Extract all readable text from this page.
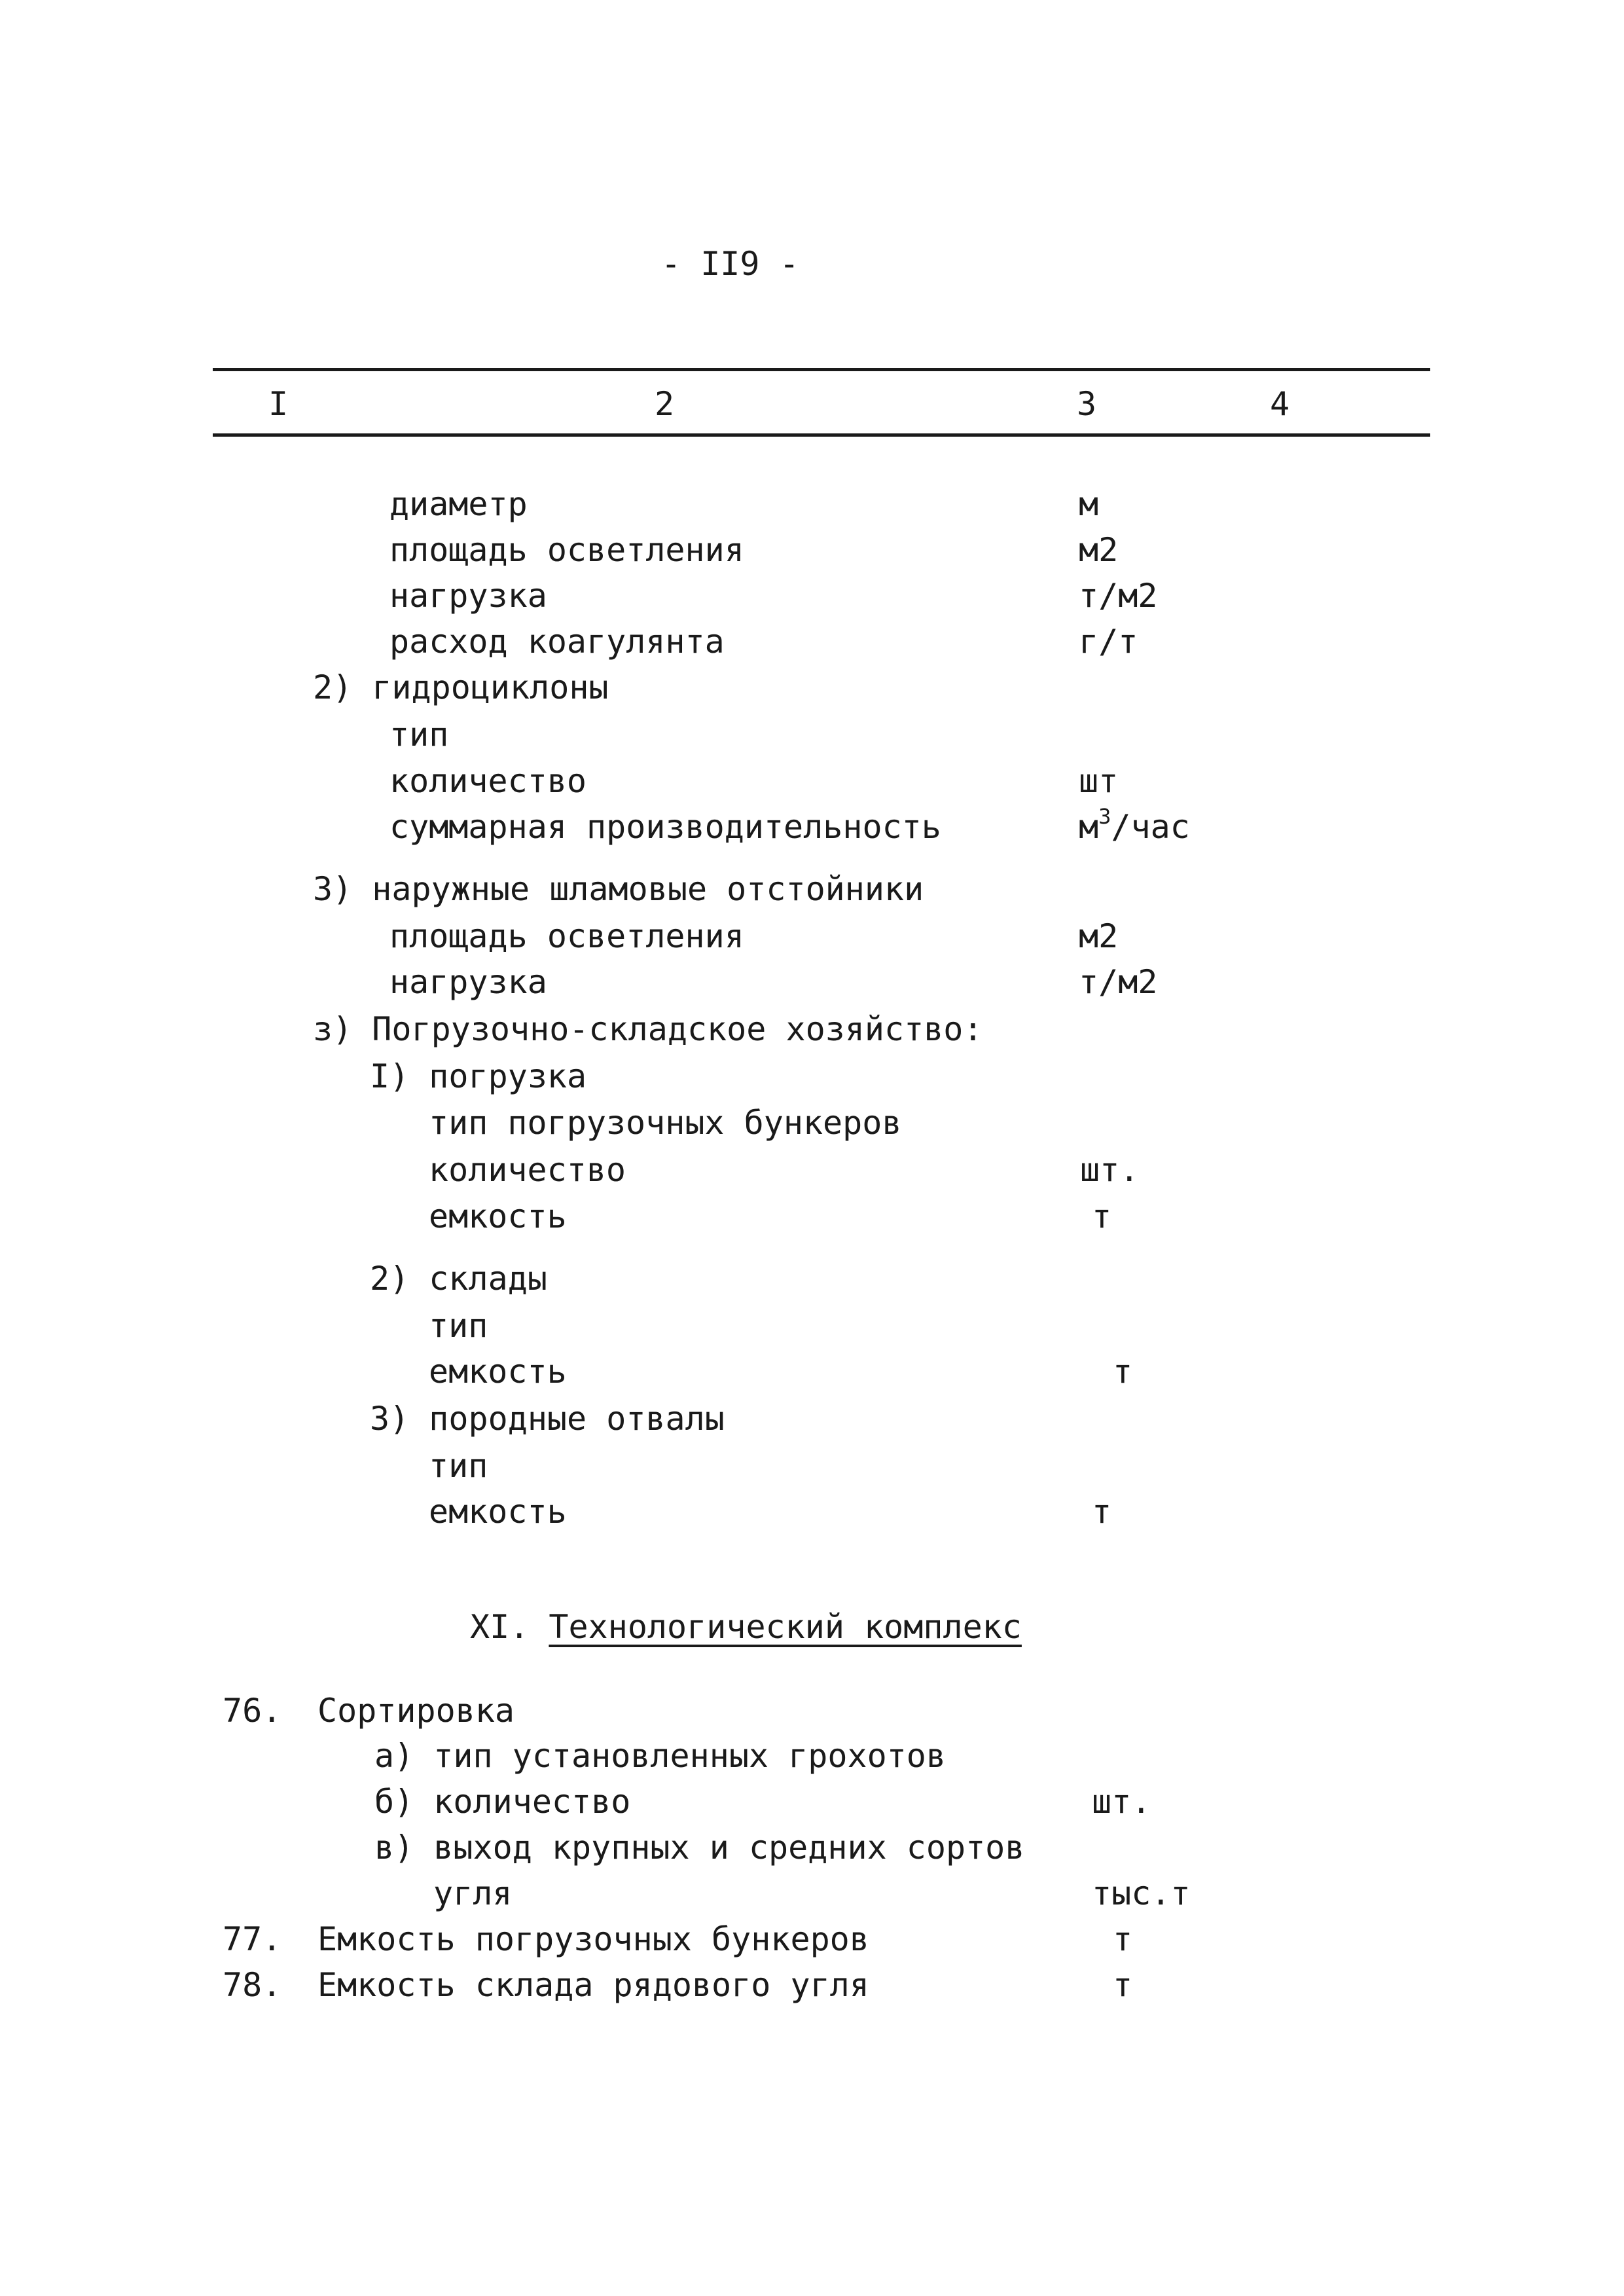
- II9 -
I	2	3	4
диаметр	м
площадь осветления	м2
нагрузка	т/м2
расход коагулянта	г/т
2) гидроциклоны
тип
количество	шт
суммарная производительность	$м^3$/час
3) наружные шламовые отстойники
площадь осветления	м2
нагрузка	т/м2
з) Погрузочно-складское хозяйство:
I) погрузка
тип погрузочных бункеров
количество	шт.
емкость	т
2) склады
тип
емкость	т
3) породные отвалы
тип
емкость	т
XI. Технологический комплекс
76. Сортировка
а) тип установленных грохотов
б) количество	шт.
в) выход крупных и средних сортов
угля	тыс.т
77. Емкость погрузочных бункеров	т
78. Емкость склада рядового угля	т
